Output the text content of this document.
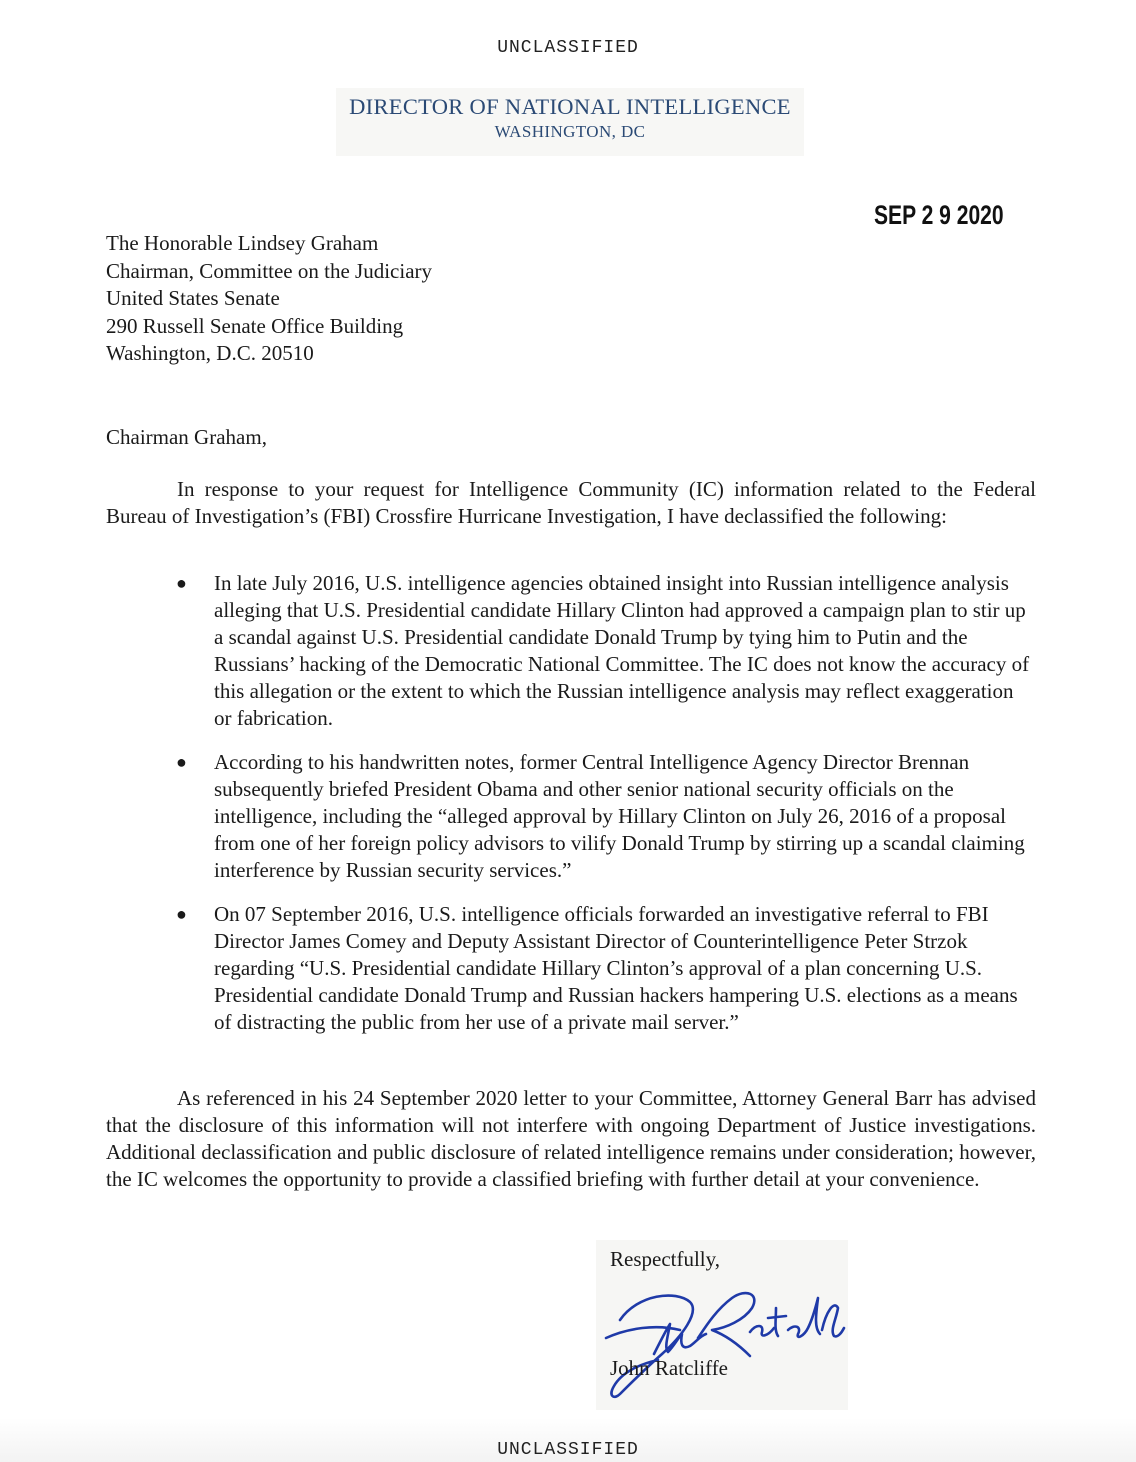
UNCLASSIFIED
DIRECTOR OF NATIONAL INTELLIGENCE
WASHINGTON, DC
SEP 2 9 2020
The Honorable Lindsey Graham
Chairman, Committee on the Judiciary
United States Senate
290 Russell Senate Office Building
Washington, D.C. 20510
Chairman Graham,
In response to your request for Intelligence Community (IC) information related to the Federal Bureau of Investigation’s (FBI) Crossfire Hurricane Investigation, I have declassified the following:
● In late July 2016, U.S. intelligence agencies obtained insight into Russian intelligence analysis alleging that U.S. Presidential candidate Hillary Clinton had approved a campaign plan to stir up a scandal against U.S. Presidential candidate Donald Trump by tying him to Putin and the Russians’ hacking of the Democratic National Committee. The IC does not know the accuracy of this allegation or the extent to which the Russian intelligence analysis may reflect exaggeration or fabrication.
● According to his handwritten notes, former Central Intelligence Agency Director Brennan subsequently briefed President Obama and other senior national security officials on the intelligence, including the “alleged approval by Hillary Clinton on July 26, 2016 of a proposal from one of her foreign policy advisors to vilify Donald Trump by stirring up a scandal claiming interference by Russian security services.”
● On 07 September 2016, U.S. intelligence officials forwarded an investigative referral to FBI Director James Comey and Deputy Assistant Director of Counterintelligence Peter Strzok regarding “U.S. Presidential candidate Hillary Clinton’s approval of a plan concerning U.S. Presidential candidate Donald Trump and Russian hackers hampering U.S. elections as a means of distracting the public from her use of a private mail server.”
As referenced in his 24 September 2020 letter to your Committee, Attorney General Barr has advised that the disclosure of this information will not interfere with ongoing Department of Justice investigations. Additional declassification and public disclosure of related intelligence remains under consideration; however, the IC welcomes the opportunity to provide a classified briefing with further detail at your convenience.
Respectfully,
John Ratcliffe
UNCLASSIFIED
